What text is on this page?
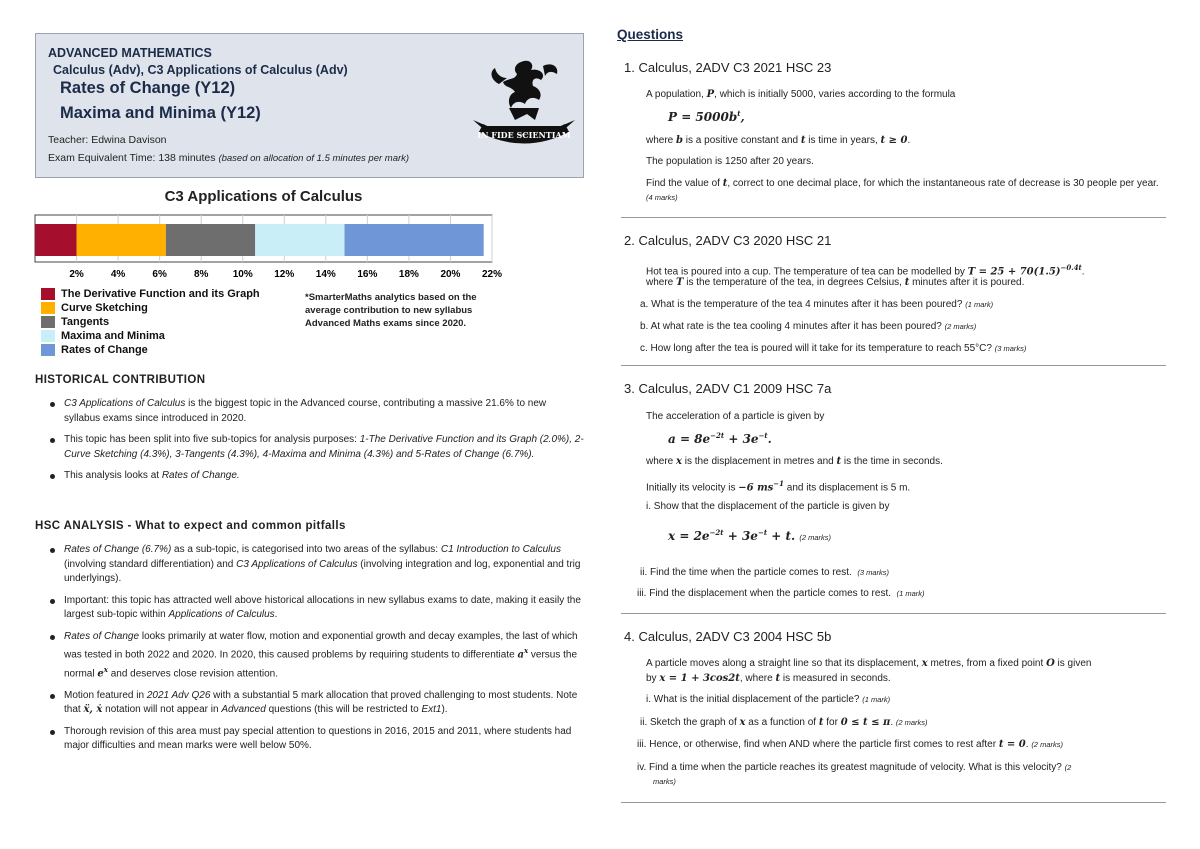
ADVANCED MATHEMATICS
Calculus (Adv), C3 Applications of Calculus (Adv)
Rates of Change (Y12)
Maxima and Minima (Y12)
Teacher: Edwina Davison
Exam Equivalent Time: 138 minutes (based on allocation of 1.5 minutes per mark)
IN FIDE SCIENTIAM
C3 Applications of Calculus
2%	4%	6%	8% 10% 12% 14% 16% 18% 20% 22%
The Derivative Function and its Graph
Curve Sketching
Tangents
Maxima and Minima
Rates of Change
*SmarterMaths analytics based on the average contribution to new syllabus Advanced Maths exams since 2020.
HISTORICAL CONTRIBUTION
C3 Applications of Calculus is the biggest topic in the Advanced course, contributing a massive 21.6% to new syllabus exams since introduced in 2020.
This topic has been split into five sub-topics for analysis purposes: 1-The Derivative Function and its Graph (2.0%), 2-Curve Sketching (4.3%), 3-Tangents (4.3%), 4-Maxima and Minima (4.3%) and 5-Rates of Change (6.7%).
This analysis looks at Rates of Change.
HSC ANALYSIS - What to expect and common pitfalls
Rates of Change (6.7%) as a sub-topic, is categorised into two areas of the syllabus: C1 Introduction to Calculus (involving standard differentiation) and C3 Applications of Calculus (involving integration and log, exponential and trig underlyings).
Important: this topic has attracted well above historical allocations in new syllabus exams to date, making it easily the largest sub-topic within Applications of Calculus.
Rates of Change looks primarily at water flow, motion and exponential growth and decay examples, the last of which was tested in both 2022 and 2020. In 2020, this caused problems by requiring students to differentiate $a^x$ versus the normal $e^x$ and deserves close revision attention.
Motion featured in 2021 Adv Q26 with a substantial 5 mark allocation that proved challenging to most students. Note that ẍ, ẋ notation will not appear in Advanced questions (this will be restricted to Ext1).
Thorough revision of this area must pay special attention to questions in 2016, 2015 and 2011, where students had major difficulties and mean marks were well below 50%.
Questions
1. Calculus, 2ADV C3 2021 HSC 23
A population, P, which is initially 5000, varies according to the formula
$P = 5000b^t$,
where b is a positive constant and t is time in years, t ≥ 0.
The population is 1250 after 20 years.
Find the value of t, correct to one decimal place, for which the instantaneous rate of decrease is 30 people per year. (4 marks)
2. Calculus, 2ADV C3 2020 HSC 21
Hot tea is poured into a cup. The temperature of tea can be modelled by $T = 25 + 70(1.5)^{-0.4t}$.
where T is the temperature of the tea, in degrees Celsius, t minutes after it is poured.
a. What is the temperature of the tea 4 minutes after it has been poured? (1 mark)
b. At what rate is the tea cooling 4 minutes after it has been poured? (2 marks)
c. How long after the tea is poured will it take for its temperature to reach 55°C? (3 marks)
3. Calculus, 2ADV C1 2009 HSC 7a
The acceleration of a particle is given by
$a = 8e^{-2t} + 3e^{-t}$.
where x is the displacement in metres and t is the time in seconds.
Initially its velocity is −6 $ms^{-1}$ and its displacement is 5 m.
i. Show that the displacement of the particle is given by
$x = 2e^{-2t} + 3e^{-t} + t$. (2 marks)
ii. Find the time when the particle comes to rest. (3 marks)
iii. Find the displacement when the particle comes to rest. (1 mark)
4. Calculus, 2ADV C3 2004 HSC 5b
A particle moves along a straight line so that its displacement, x metres, from a fixed point O is given
by x = 1 + 3cos2t, where t is measured in seconds.
i. What is the initial displacement of the particle? (1 mark)
ii. Sketch the graph of x as a function of t for 0 ≤ t ≤ π. (2 marks)
iii. Hence, or otherwise, find when AND where the particle first comes to rest after t = 0. (2 marks)
iv. Find a time when the particle reaches its greatest magnitude of velocity. What is this velocity? (2
marks)
